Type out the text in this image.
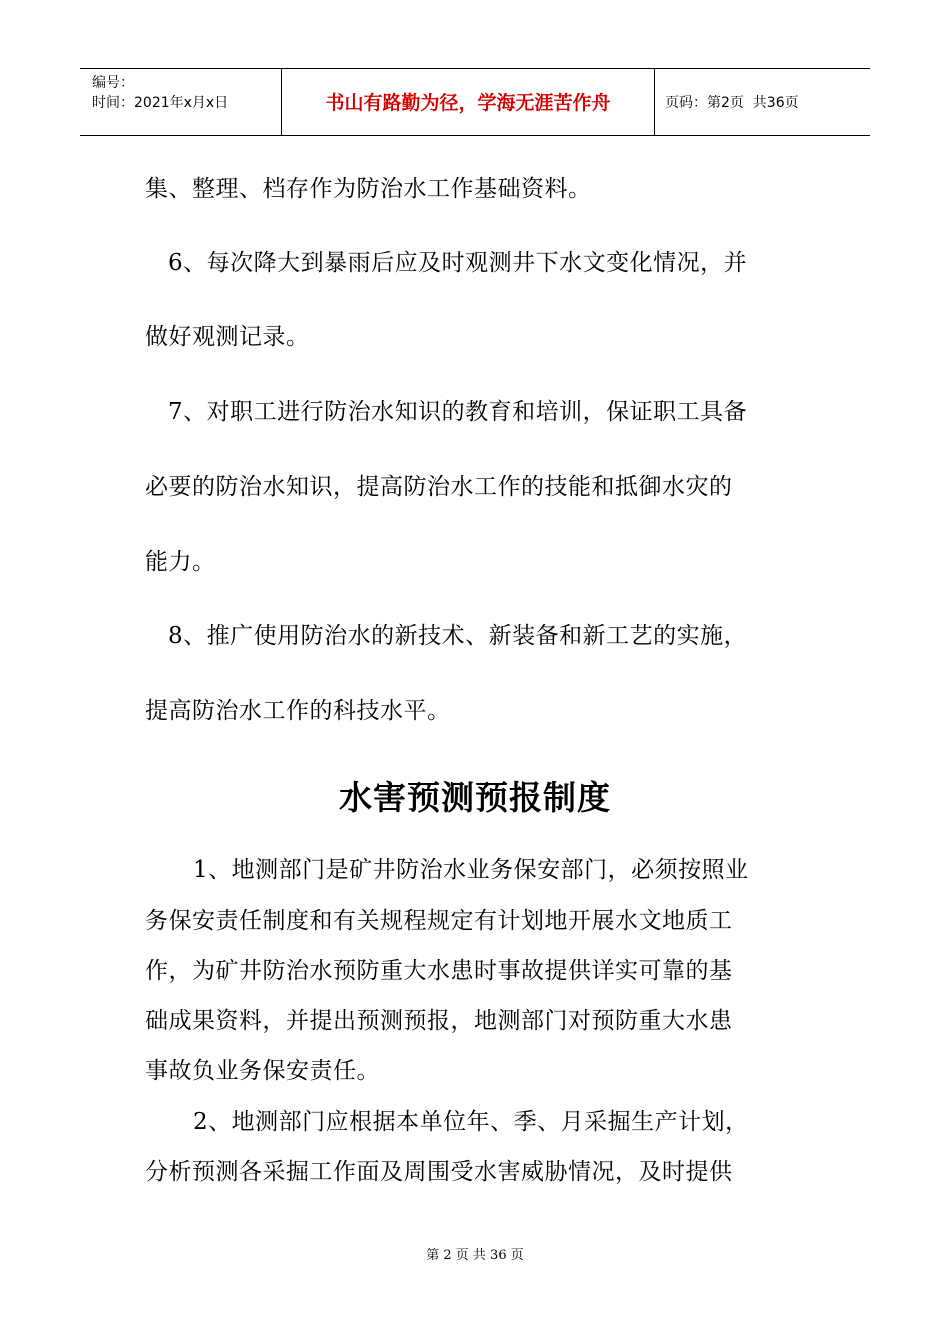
编号：
时间：2021年x月x日	书山有路勤为径，学海无涯苦作舟	页码：第2页  共36页
集、整理、档存作为防治水工作基础资料。
6、每次降大到暴雨后应及时观测井下水文变化情况，并
做好观测记录。
7、对职工进行防治水知识的教育和培训，保证职工具备
必要的防治水知识，提高防治水工作的技能和抵御水灾的
能力。
8、推广使用防治水的新技术、新装备和新工艺的实施，
提高防治水工作的科技水平。
水害预测预报制度
1、地测部门是矿井防治水业务保安部门，必须按照业
务保安责任制度和有关规程规定有计划地开展水文地质工
作，为矿井防治水预防重大水患时事故提供详实可靠的基
础成果资料，并提出预测预报，地测部门对预防重大水患
事故负业务保安责任。
2、地测部门应根据本单位年、季、月采掘生产计划，
分析预测各采掘工作面及周围受水害威胁情况，及时提供
第 2 页 共 36 页
